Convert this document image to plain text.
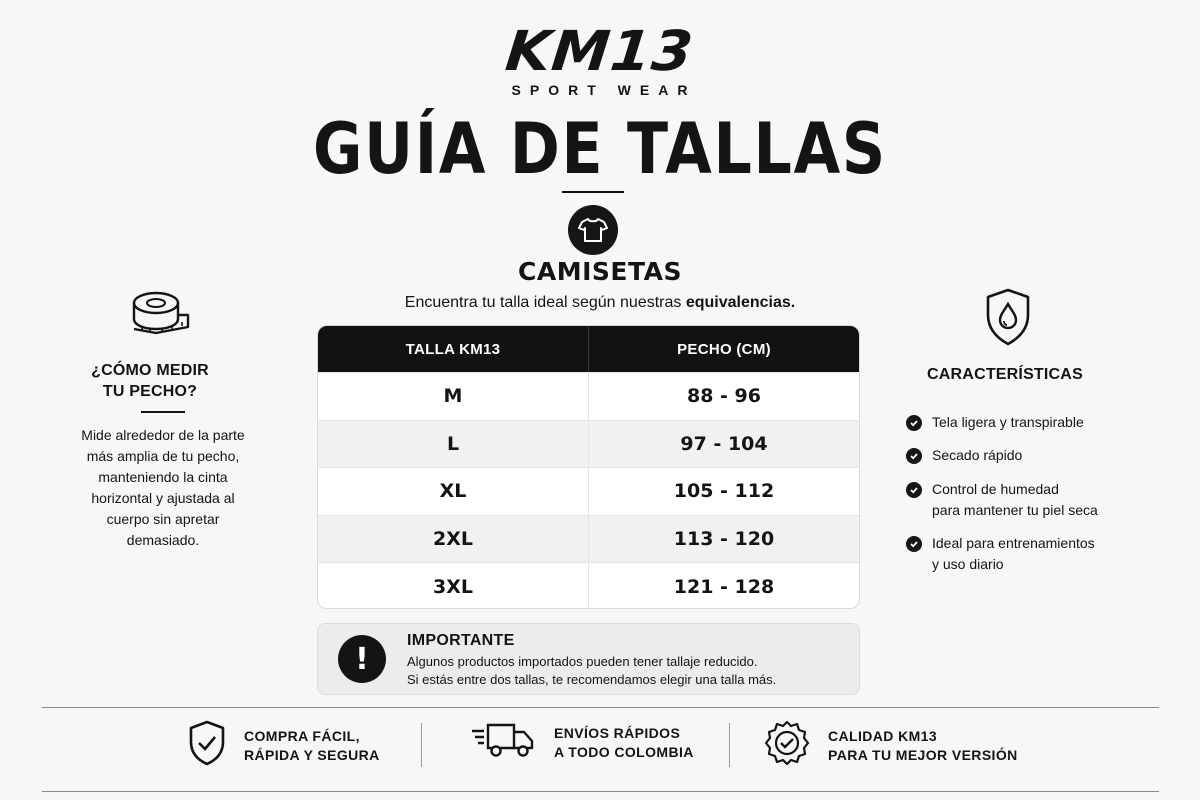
KM13
SPORT WEAR
GUÍA DE TALLAS
CAMISETAS
Encuentra tu talla ideal según nuestras equivalencias.
TALLA KM13	PECHO (CM)
M	88 - 96
L	97 - 104
XL	105 - 112
2XL	113 - 120
3XL	121 - 128
!
IMPORTANTE
Algunos productos importados pueden tener tallaje reducido.
Si estás entre dos tallas, te recomendamos elegir una talla más.
¿CÓMO MEDIR
TU PECHO?
Mide alrededor de la parte
más amplia de tu pecho,
manteniendo la cinta
horizontal y ajustada al
cuerpo sin apretar
demasiado.
CARACTERÍSTICAS
Tela ligera y transpirable
Secado rápido
Control de humedad
para mantener tu piel seca
Ideal para entrenamientos
y uso diario
COMPRA FÁCIL,
RÁPIDA Y SEGURA
ENVÍOS RÁPIDOS
A TODO COLOMBIA
CALIDAD KM13
PARA TU MEJOR VERSIÓN
